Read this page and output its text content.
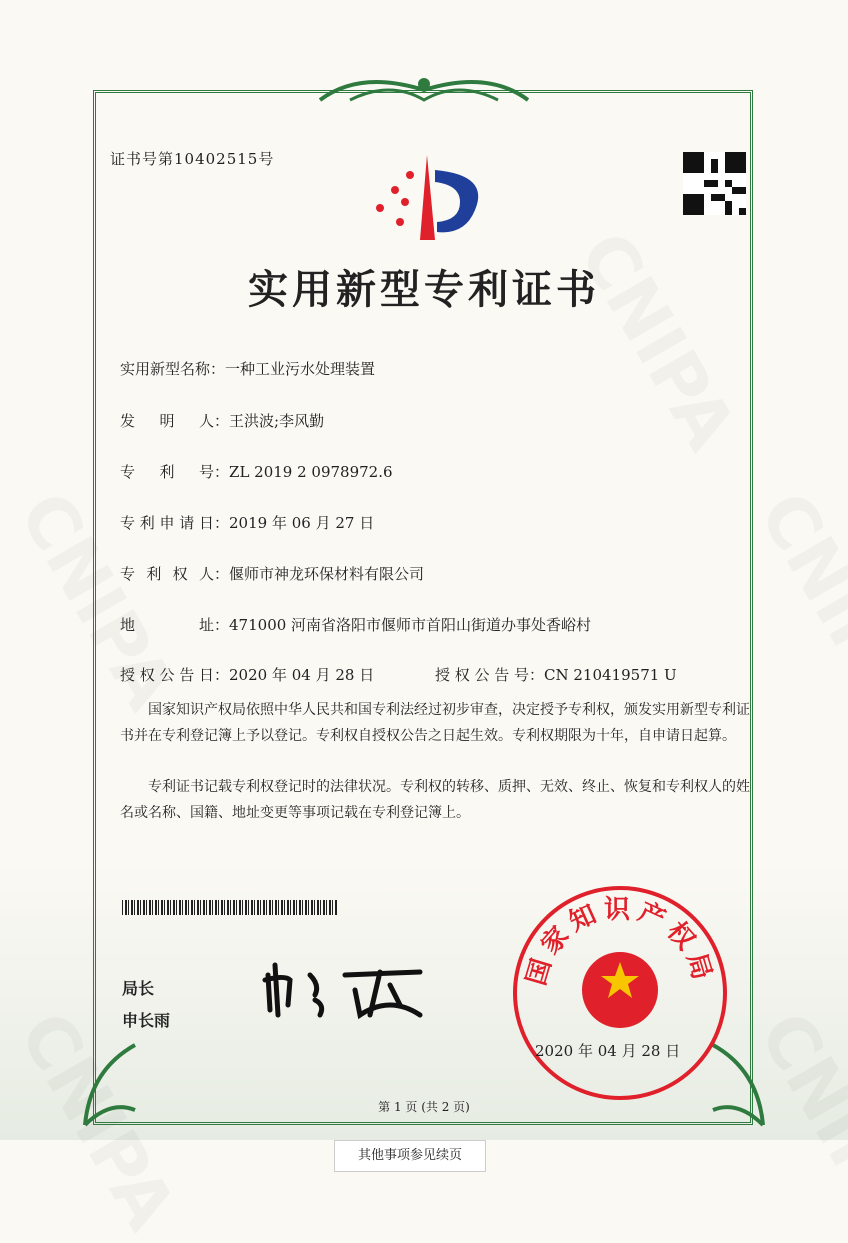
证书号第10402515号
实用新型专利证书
实用新型名称：一种工业污水处理装置
发明人：王洪波;李风勤
专利号：ZL 2019 2 0978972.6
专利申请日：2019 年 06 月 27 日
专利权人：偃师市神龙环保材料有限公司
地址：471000 河南省洛阳市偃师市首阳山街道办事处香峪村
授权公告日：2020 年 04 月 28 日	授权公告号：CN 210419571 U
国家知识产权局依照中华人民共和国专利法经过初步审查，决定授予专利权，颁发实用新型专利证书并在专利登记簿上予以登记。专利权自授权公告之日起生效。专利权期限为十年，自申请日起算。
专利证书记载专利权登记时的法律状况。专利权的转移、质押、无效、终止、恢复和专利权人的姓名或名称、国籍、地址变更等事项记载在专利登记簿上。
局长
申长雨
国家知识产权局
2020 年 04 月 28 日
第 1 页 (共 2 页)
其他事项参见续页
